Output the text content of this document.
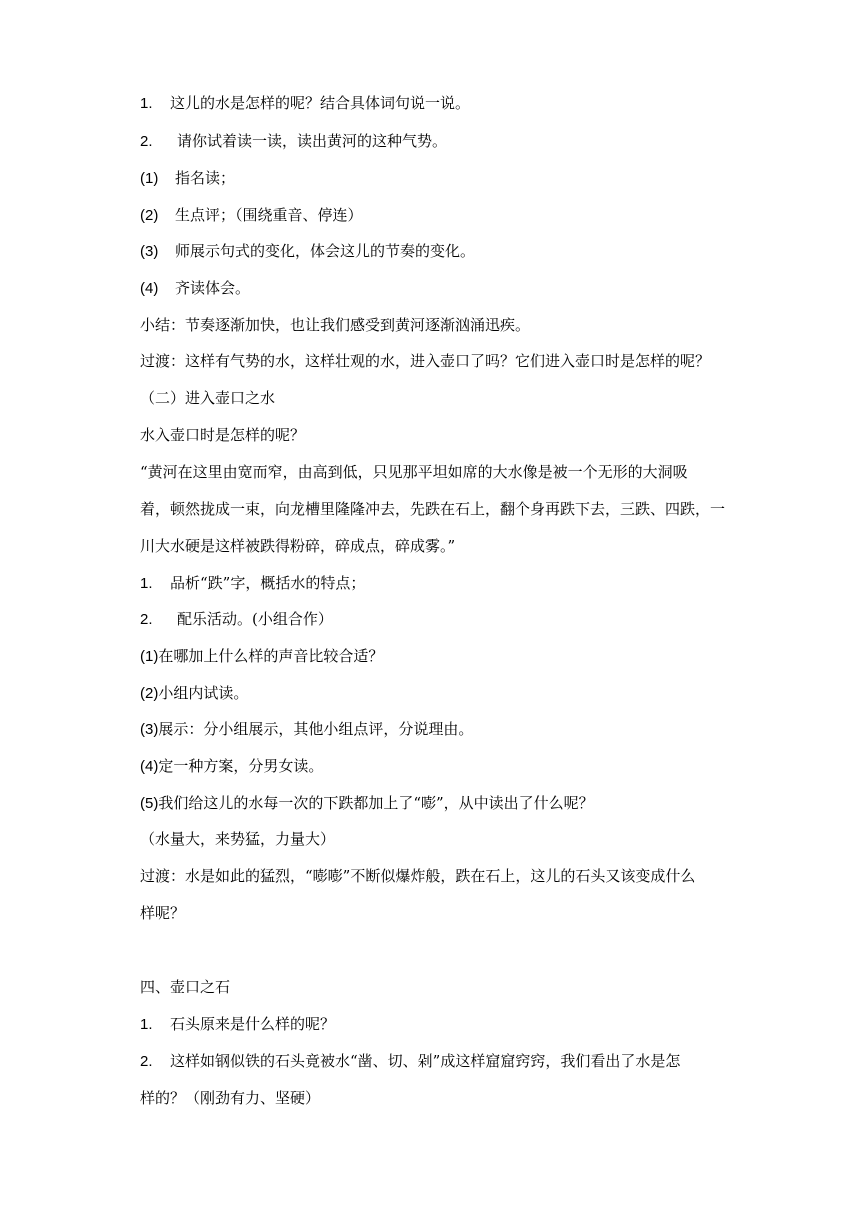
1. 这儿的水是怎样的呢？结合具体词句说一说。
2. 请你试着读一读，读出黄河的这种气势。
(1) 指名读；
(2) 生点评；（围绕重音、停连）
(3) 师展示句式的变化，体会这儿的节奏的变化。
(4) 齐读体会。
小结：节奏逐渐加快，也让我们感受到黄河逐渐汹涌迅疾。
过渡：这样有气势的水，这样壮观的水，进入壶口了吗？它们进入壶口时是怎样的呢？
（二）进入壶口之水
水入壶口时是怎样的呢？
“黄河在这里由宽而窄，由高到低，只见那平坦如席的大水像是被一个无形的大洞吸
着，顿然拢成一束，向龙槽里隆隆冲去，先跌在石上，翻个身再跌下去，三跌、四跌，一
川大水硬是这样被跌得粉碎，碎成点，碎成雾。”
1. 品析“跌”字，概括水的特点；
2. 配乐活动。(小组合作）
(1)在哪加上什么样的声音比较合适？
(2)小组内试读。
(3)展示：分小组展示，其他小组点评，分说理由。
(4)定一种方案，分男女读。
(5)我们给这儿的水每一次的下跌都加上了“嘭”，从中读出了什么呢？
（水量大，来势猛，力量大）
过渡：水是如此的猛烈，“嘭嘭”不断似爆炸般，跌在石上，这儿的石头又该变成什么
样呢？
四、壶口之石
1. 石头原来是什么样的呢？
2. 这样如钢似铁的石头竟被水“凿、切、剁”成这样窟窟窍窍，我们看出了水是怎
样的？（刚劲有力、坚硬）
